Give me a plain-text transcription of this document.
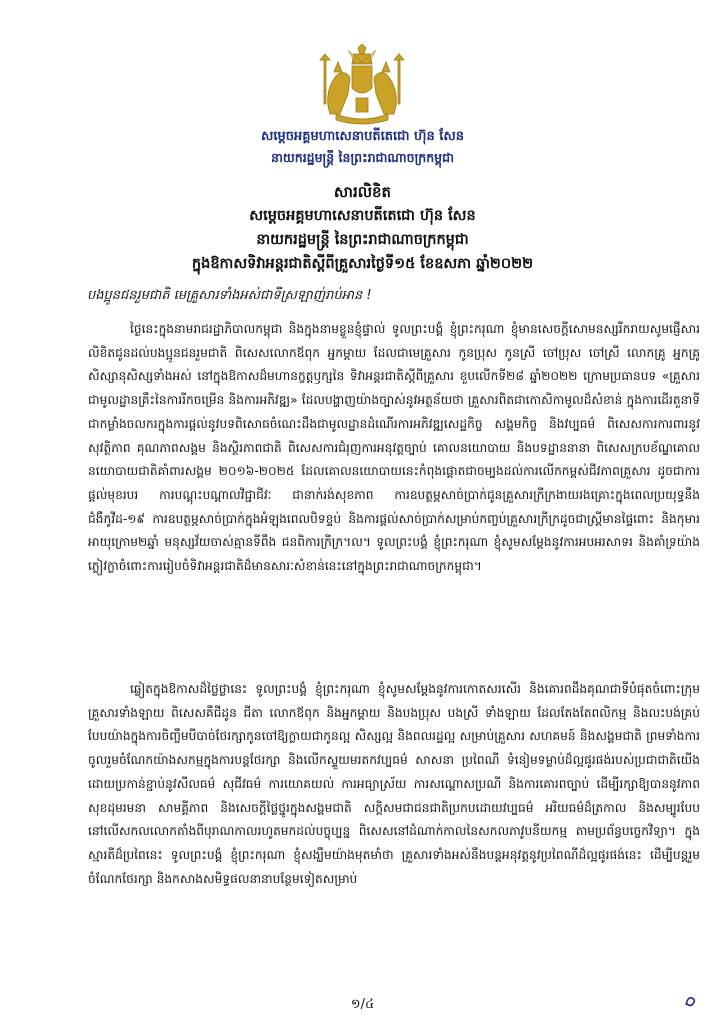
សម្ដេចអគ្គមហាសេនាបតីតេជោ ហ៊ុន សែន
នាយករដ្ឋមន្ត្រី នៃព្រះរាជាណាចក្រកម្ពុជា
សារលិខិត
សម្ដេចអគ្គមហាសេនាបតីតេជោ ហ៊ុន សែន
នាយករដ្ឋមន្ត្រី នៃព្រះរាជាណាចក្រកម្ពុជា
ក្នុងឱកាសទិវាអន្តរជាតិស្ដីពីគ្រួសារថ្ងៃទី១៥ ខែឧសភា ឆ្នាំ២០២២
បងប្អូនជនរួមជាតិ មេគ្រួសារទាំងអស់ជាទីស្រឡាញ់រាប់អាន !
ថ្ងៃនេះក្នុងនាមរាជរដ្ឋាភិបាលកម្ពុជា និងក្នុងនាមខ្លួនខ្ញុំផ្ទាល់ ទូលព្រះបង្គំ ខ្ញុំព្រះករុណា ខ្ញុំមានសេចក្ដីសោមនស្សរីករាយសូមផ្ញើសារលិខិតជូនដល់បងប្អូនជនរួមជាតិ ពិសេសលោកឪពុក អ្នកម្ដាយ ដែលជាមេគ្រួសារ កូនប្រុស កូនស្រី ចៅប្រុស ចៅស្រី លោកគ្រូ អ្នកគ្រូ សិស្សានុសិស្សទាំងអស់ នៅក្នុងឱកាសដ៏មហានក្ខត្តឫក្សនៃ ទិវាអន្តរជាតិស្ដីពីគ្រួសារ ខួបលើកទី២៨ ឆ្នាំ២០២២ ក្រោមប្រធានបទ «គ្រួសារជាមូលដ្ឋានគ្រឹះនៃការរីកចម្រើន និងការអភិវឌ្ឍ» ដែលបង្ហាញយ៉ាងច្បាស់នូវអត្ថន័យថា គ្រួសារពិតជាកោសិកាមូលដ៏សំខាន់ ក្នុងការដើរតួនាទីជាកម្លាំងចលករក្នុងការផ្ដល់នូវបទពិសោធចំណេះដឹងជាមូលដ្ឋានដំណើរការអភិវឌ្ឍសេដ្ឋកិច្ច សង្គមកិច្ច និងវប្បធម៌ ពិសេសការការពារនូវសុវត្ថិភាព គុណភាពសង្គម និងស្ថិរភាពជាតិ ពិសេសការជំរុញការអនុវត្តច្បាប់ គោលនយោបាយ និងបទដ្ឋាននានា ពិសេសក្របខ័ណ្ឌគោលនយោបាយជាតិគាំពារសង្គម ២០១៦-២០២៥ ដែលគោលនយោបាយនេះកំពុងផ្ដោតជាចម្បងដល់ការលើកកម្ពស់ជីវភាពគ្រួសារ ដូចជាការផ្ដល់មុខរបរ ការបណ្ដុះបណ្ដាលវិជ្ជាជីវៈ ជានាក់រង់សុខភាព ការឧបត្ថម្ភសាច់ប្រាក់ជូនគ្រួសារក្រីក្រងាយរងគ្រោះក្នុងពេលប្រយុទ្ធនឹងជំងឺកូវីដ-១៩ ការឧបត្ថម្ភសាច់ប្រាក់ក្នុងអំឡុងពេលបិទខ្ទប់ និងការផ្ដល់សាច់ប្រាក់សម្រាប់កញ្ចប់គ្រួសារក្រីក្រដូចជាស្ត្រីមានផ្ទៃពោះ និងកុមារអាយុក្រោម២ឆ្នាំ មនុស្សវ័យចាស់គ្មានទីពឹង ជនពិការក្រីក្រ។ល។ ទូលព្រះបង្គំ ខ្ញុំព្រះករុណា ខ្ញុំសូមសម្ដែងនូវការអបអរសាទរ និងគាំទ្រយ៉ាងភ្លៀវក្លាចំពោះការរៀបចំទិវាអន្តរជាតិដ៏មានសារៈសំខាន់នេះនៅក្នុងព្រះរាជាណាចក្រកម្ពុជា។
ឆ្លៀតក្នុងឱកាសដ៏ថ្លៃថ្លានេះ ទូលព្រះបង្គំ ខ្ញុំព្រះករុណា ខ្ញុំសូមសម្ដែងនូវការកោតសរសើរ និងគោរពដឹងគុណជាទីបំផុតចំពោះក្រុមគ្រួសារទាំងឡាយ ពិសេសគឺជីដូន ជីតា លោកឪពុក និងអ្នកម្ដាយ និងបងប្រុស បងស្រី ទាំងឡាយ ដែលតែងតែពលិកម្ម និងលះបង់គ្រប់បែបយ៉ាងក្នុងការចិញ្ចឹមបីបាច់ថែរក្សាកូនចៅឱ្យក្លាយជាកូនល្អ សិស្សល្អ និងពលរដ្ឋល្អ សម្រាប់គ្រួសារ សហគមន៍ និងសង្គមជាតិ ព្រមទាំងការចូលរួមចំណែកយ៉ាងសកម្មក្នុងការបន្តថែរក្សា និងលើកស្ទួយមរតកវប្បធម៌ សាសនា ប្រពៃណី ទំនៀមទម្លាប់ដ៏ល្អផូរផង់របស់ប្រជាជាតិយើង ដោយប្រកាន់ខ្ជាប់នូវសីលធម៌ សុជីវធម៌ ការយោគយល់ ការអធ្យាស្រ័យ ការសណ្ដោសប្រណី និងការគោរពច្បាប់ ដើម្បីរក្សាឱ្យបាននូវភាពសុខដុមរមនា សាមគ្គីភាព និងសេចក្ដីថ្លៃថ្នូរក្នុងសង្គមជាតិ សក្ដិសមជាជនជាតិប្រកបដោយវប្បធម៌ អរិយធម៌ដ៏ត្រកាល និងសម្បូរបែបនៅលើសកលលោកតាំងពីបុរាណកាលរហូតមកដល់បច្ចុប្បន្ន ពិសេសនៅដំណាក់កាលនៃសកលភាវូបនីយកម្ម តាមប្រព័ន្ធបច្ចេកវិទ្យា។ ក្នុងស្មារតីដ៏ប្រពៃនេះ ទូលព្រះបង្គំ ខ្ញុំព្រះករុណា ខ្ញុំសង្ឃឹមយ៉ាងមុតមាំថា គ្រួសារទាំងអស់នឹងបន្តអនុវត្តនូវប្រពៃណីដ៏ល្អផូរផង់នេះ ដើម្បីបន្តរួមចំណែកថែរក្សា និងកសាងសមិទ្ធផលនានាបន្ថែមទៀតសម្រាប់
១/៤
